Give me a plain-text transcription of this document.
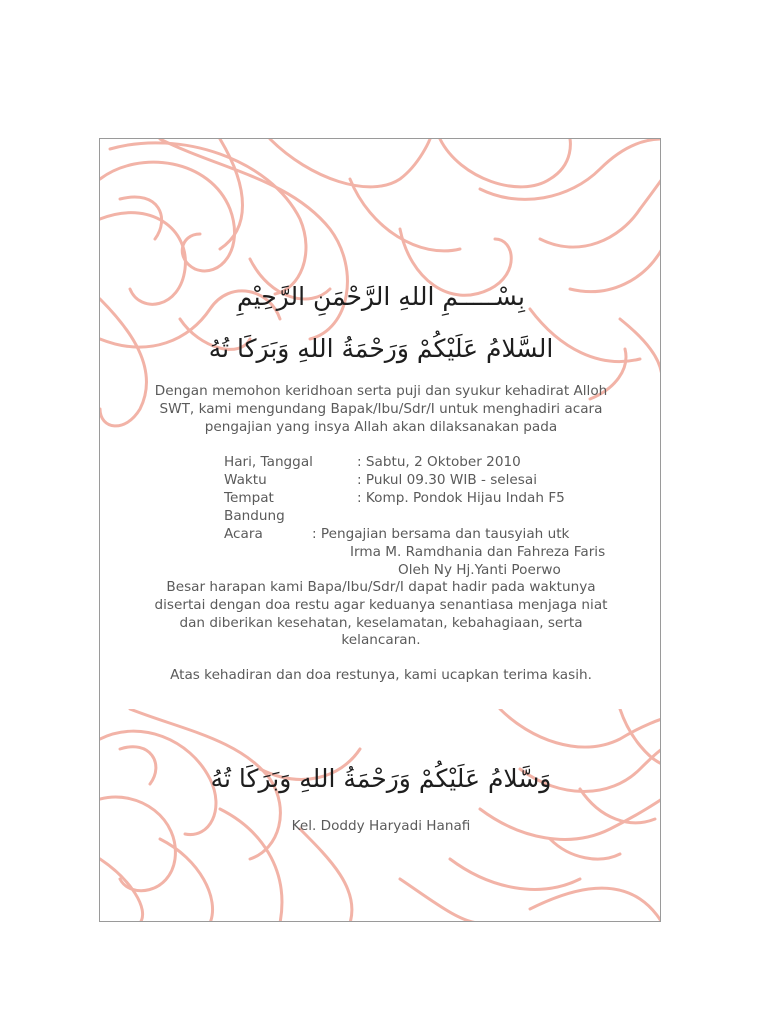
بِسْـــــمِ اللهِ الرَّحْمَنِ الرَّحِيْمِ
السَّلامُ عَلَيْكُمْ وَرَحْمَةُ اللهِ وَبَرَكَا تُهُ
Dengan memohon keridhoan serta puji dan syukur kehadirat Alloh
SWT, kami mengundang Bapak/Ibu/Sdr/I untuk menghadiri acara
pengajian yang insya Allah akan dilaksanakan pada
Hari, Tanggal	: Sabtu, 2 Oktober 2010
Waktu	: Pukul 09.30 WIB - selesai
Tempat	: Komp. Pondok Hijau Indah F5
Bandung
Acara	: Pengajian bersama dan tausyiah utk
Irma M. Ramdhania dan Fahreza Faris
Oleh Ny Hj.Yanti Poerwo
Besar harapan kami Bapa/Ibu/Sdr/I dapat hadir pada waktunya
disertai dengan doa restu agar keduanya senantiasa menjaga niat
dan diberikan kesehatan, keselamatan, kebahagiaan, serta
kelancaran.
Atas kehadiran dan doa restunya, kami ucapkan terima kasih.
وَسَّلامُ عَلَيْكُمْ وَرَحْمَةُ اللهِ وَبَرَكَا تُهُ
Kel. Doddy Haryadi Hanafi
